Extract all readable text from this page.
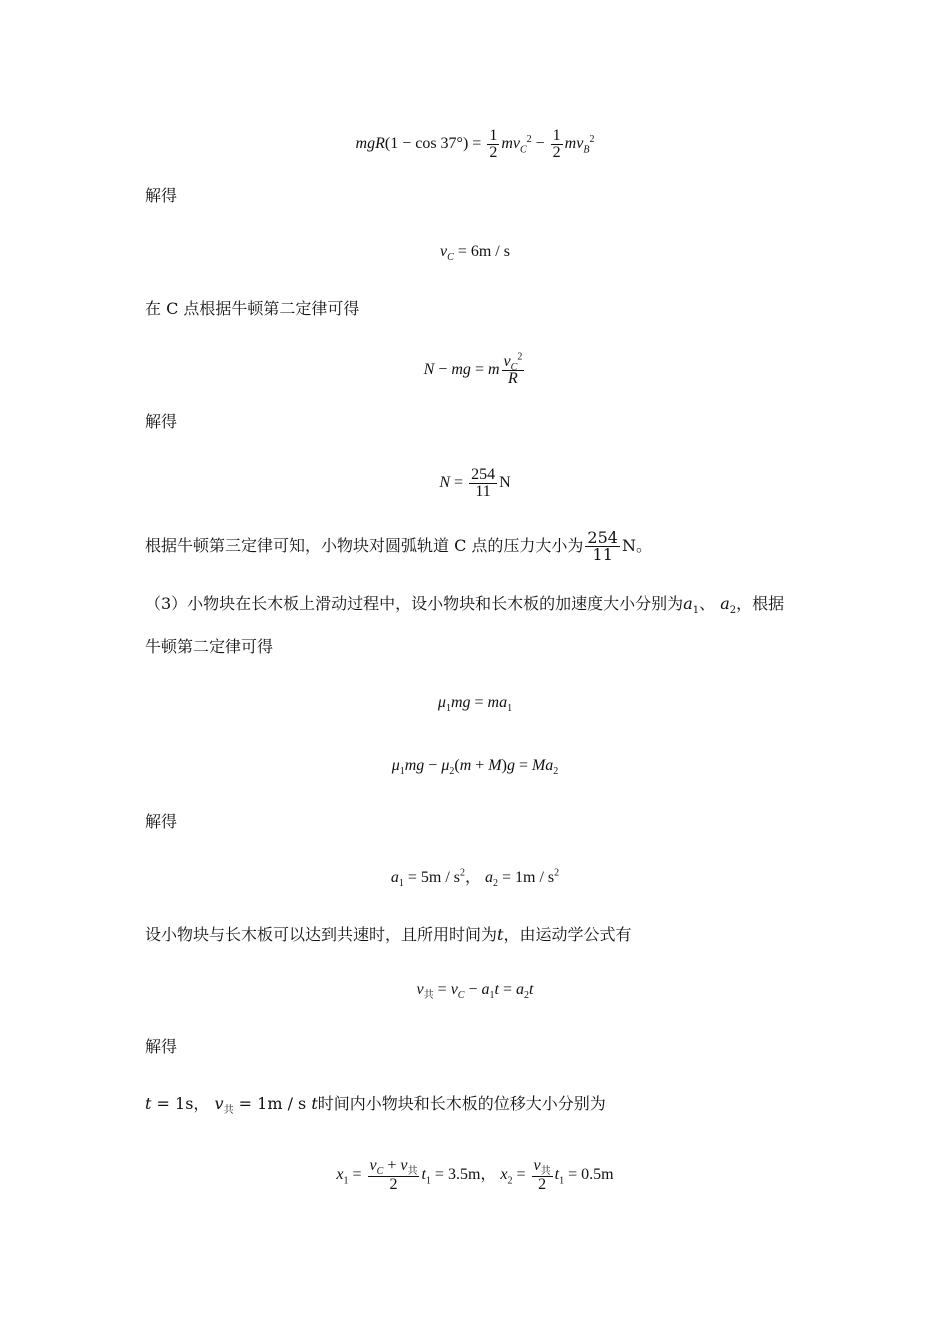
$mgR(1 - \cos 37^\circ) = \frac{1}{2} mv_C^2 - \frac{1}{2} mv_B^2$
解得
$v_C = 6m / s$
在 C 点根据牛顿第二定律可得
N − mg = m $\frac{v_C^2}{R}$
解得
$N = \frac{254}{11}$ N
根据牛顿第三定律可知，小物块对圆弧轨道 C 点的压力大小为 $\frac{254}{11}$ N。
（3）小物块在长木板上滑动过程中，设小物块和长木板的加速度大小分别为$a_1$、 $a_2$，根据
牛顿第二定律可得
$\mu_1mg = ma_1$
$\mu_1mg - \mu_2(m + M)g = Ma_2$
解得
$a_1 = 5m / s^2$， $a_2 = 1m / s^2$
设小物块与长木板可以达到共速时，且所用时间为t，由运动学公式有
$v_共 = v_C - a_1t = a_2t$
解得
t = 1s， $v_共 = 1m / s$ t时间内小物块和长木板的位移大小分别为
$x_1 = \frac{v_C + v_共}{2} t_1 = 3.5m$， $x_2 = \frac{v_共}{2} t_1 = 0.5m$
